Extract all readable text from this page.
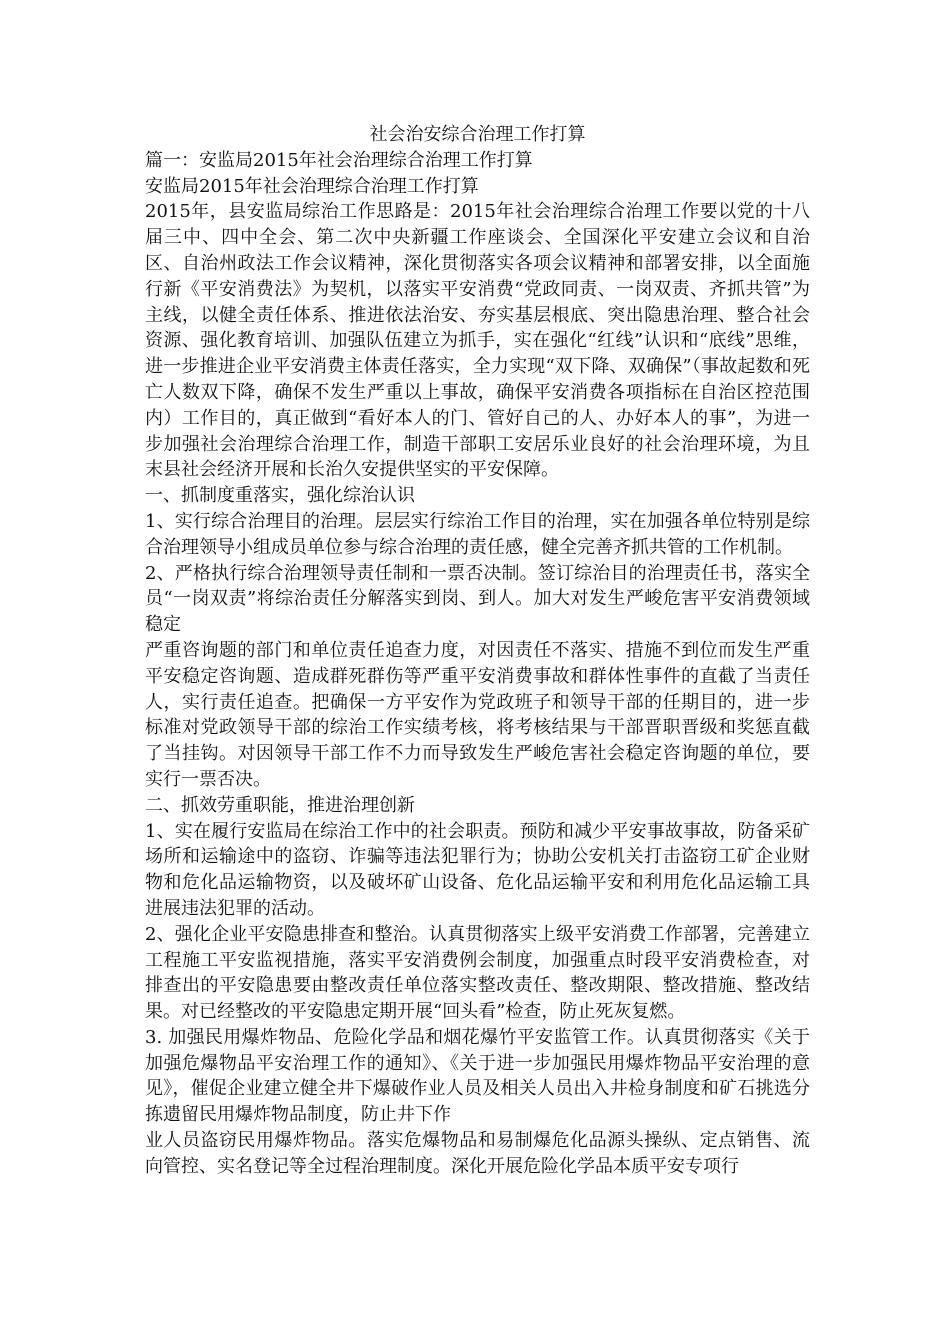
社会治安综合治理工作打算

篇一：安监局2015年社会治理综合治理工作打算

安监局2015年社会治理综合治理工作打算

2015年，县安监局综治工作思路是：2015年社会治理综合治理工作要以党的十八届三中、四中全会、第二次中央新疆工作座谈会、全国深化平安建立会议和自治区、自治州政法工作会议精神，深化贯彻落实各项会议精神和部署安排，以全面施行新《平安消费法》为契机，以落实平安消费“党政同责、一岗双责、齐抓共管”为主线，以健全责任体系、推进依法治安、夯实基层根底、突出隐患治理、整合社会资源、强化教育培训、加强队伍建立为抓手，实在强化“红线”认识和“底线”思维，进一步推进企业平安消费主体责任落实，全力实现“双下降、双确保”（事故起数和死亡人数双下降，确保不发生严重以上事故，确保平安消费各项指标在自治区控范围内）工作目的，真正做到“看好本人的门、管好自己的人、办好本人的事”，为进一步加强社会治理综合治理工作，制造干部职工安居乐业良好的社会治理环境，为且末县社会经济开展和长治久安提供坚实的平安保障。

一、抓制度重落实，强化综治认识

1、实行综合治理目的治理。层层实行综治工作目的治理，实在加强各单位特别是综合治理领导小组成员单位参与综合治理的责任感，健全完善齐抓共管的工作机制。

2、严格执行综合治理领导责任制和一票否决制。签订综治目的治理责任书，落实全员“一岗双责”将综治责任分解落实到岗、到人。加大对发生严峻危害平安消费领域稳定

严重咨询题的部门和单位责任追查力度，对因责任不落实、措施不到位而发生严重平安稳定咨询题、造成群死群伤等严重平安消费事故和群体性事件的直截了当责任人，实行责任追查。把确保一方平安作为党政班子和领导干部的任期目的，进一步标准对党政领导干部的综治工作实绩考核，将考核结果与干部晋职晋级和奖惩直截了当挂钩。对因领导干部工作不力而导致发生严峻危害社会稳定咨询题的单位，要实行一票否决。

二、抓效劳重职能，推进治理创新

1、实在履行安监局在综治工作中的社会职责。预防和减少平安事故事故，防备采矿场所和运输途中的盗窃、诈骗等违法犯罪行为；协助公安机关打击盗窃工矿企业财物和危化品运输物资，以及破坏矿山设备、危化品运输平安和利用危化品运输工具进展违法犯罪的活动。

2、强化企业平安隐患排查和整治。认真贯彻落实上级平安消费工作部署，完善建立工程施工平安监视措施，落实平安消费例会制度，加强重点时段平安消费检查，对排查出的平安隐患要由整改责任单位落实整改责任、整改期限、整改措施、整改结果。对已经整改的平安隐患定期开展“回头看”检查，防止死灰复燃。

3. 加强民用爆炸物品、危险化学品和烟花爆竹平安监管工作。认真贯彻落实《关于加强危爆物品平安治理工作的通知》、《关于进一步加强民用爆炸物品平安治理的意见》，催促企业建立健全井下爆破作业人员及相关人员出入井检身制度和矿石挑选分拣遗留民用爆炸物品制度，防止井下作

业人员盗窃民用爆炸物品。落实危爆物品和易制爆危化品源头操纵、定点销售、流向管控、实名登记等全过程治理制度。深化开展危险化学品本质平安专项行
